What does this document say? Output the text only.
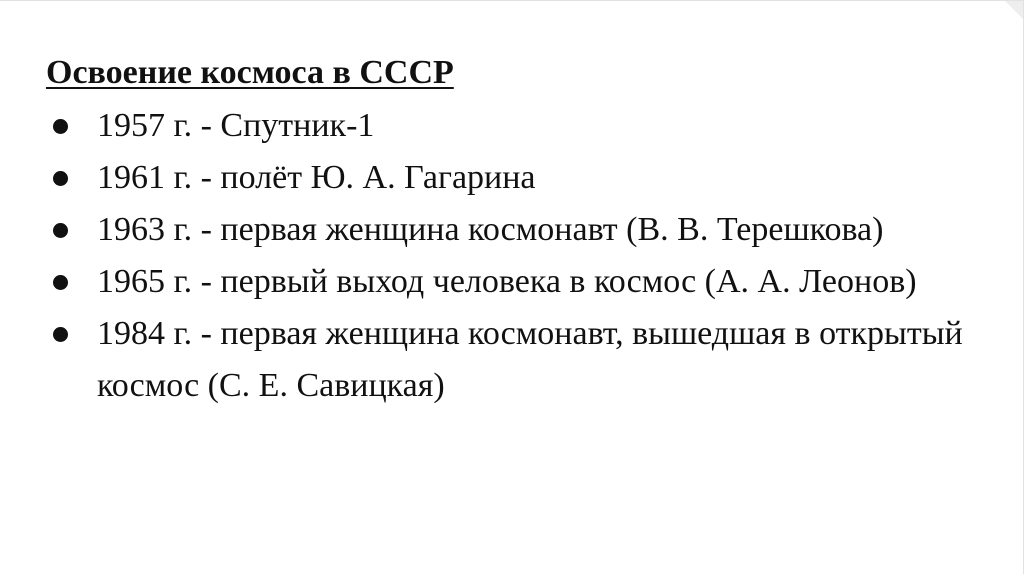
Освоение космоса в СССР
1957 г. - Спутник-1
1961 г. - полёт Ю. А. Гагарина
1963 г. - первая женщина космонавт (В. В. Терешкова)
1965 г. - первый выход человека в космос (А. А. Леонов)
1984 г. - первая женщина космонавт, вышедшая в открытый космос (С. Е. Савицкая)
